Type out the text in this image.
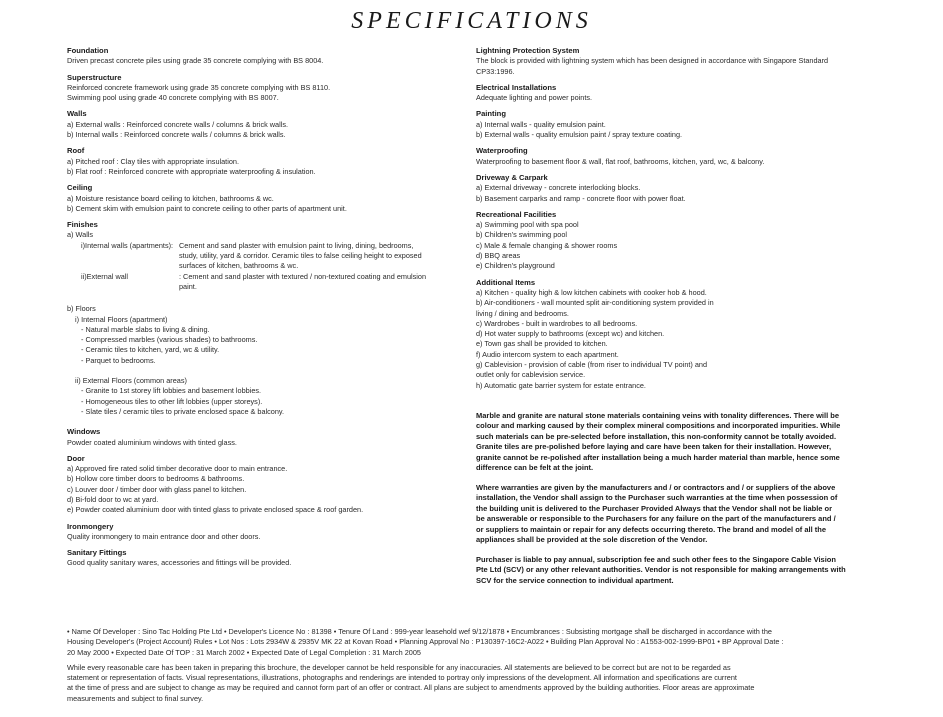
SPECIFICATIONS
Foundation
Driven precast concrete piles using grade 35 concrete complying with BS 8004.
Superstructure
Reinforced concrete framework using grade 35 concrete complying with BS 8110.
Swimming pool using grade 40 concrete complying with BS 8007.
Walls
a) External walls : Reinforced concrete walls / columns & brick walls.
b) Internal walls : Reinforced concrete walls / columns & brick walls.
Roof
a) Pitched roof : Clay tiles with appropriate insulation.
b) Flat roof : Reinforced concrete with appropriate waterproofing & insulation.
Ceiling
a) Moisture resistance board ceiling to kitchen, bathrooms & wc.
b) Cement skim with emulsion paint to concrete ceiling to other parts of apartment unit.
Finishes
a) Walls
i)Internal walls (apartments): Cement and sand plaster with emulsion paint to living, dining, bedrooms,
study, utility, yard & corridor. Ceramic tiles to false ceiling height to exposed
surfaces of kitchen, bathrooms & wc.
ii)External wall	: Cement and sand plaster with textured / non-textured coating and emulsion
paint.
b) Floors
i) Internal Floors (apartment)
- Natural marble slabs to living & dining.
- Compressed marbles (various shades) to bathrooms.
- Ceramic tiles to kitchen, yard, wc & utility.
- Parquet to bedrooms.
ii) External Floors (common areas)
- Granite to 1st storey lift lobbies and basement lobbies.
- Homogeneous tiles to other lift lobbies (upper storeys).
- Slate tiles / ceramic tiles to private enclosed space & balcony.
Windows
Powder coated aluminium windows with tinted glass.
Door
a) Approved fire rated solid timber decorative door to main entrance.
b) Hollow core timber doors to bedrooms & bathrooms.
c) Louver door / timber door with glass panel to kitchen.
d) Bi-fold door to wc at yard.
e) Powder coated aluminium door with tinted glass to private enclosed space & roof garden.
Ironmongery
Quality ironmongery to main entrance door and other doors.
Sanitary Fittings
Good quality sanitary wares, accessories and fittings will be provided.
Lightning Protection System
The block is provided with lightning system which has been designed in accordance with Singapore Standard
CP33:1996.
Electrical Installations
Adequate lighting and power points.
Painting
a) Internal walls - quality emulsion paint.
b) External walls - quality emulsion paint / spray texture coating.
Waterproofing
Waterproofing to basement floor & wall, flat roof, bathrooms, kitchen, yard, wc, & balcony.
Driveway & Carpark
a) External driveway - concrete interlocking blocks.
b) Basement carparks and ramp - concrete floor with power float.
Recreational Facilities
a) Swimming pool with spa pool
b) Children's swimming pool
c) Male & female changing & shower rooms
d) BBQ areas
e) Children's playground
Additional Items
a) Kitchen - quality high & low kitchen cabinets with cooker hob & hood.
b) Air-conditioners - wall mounted split air-conditioning system provided in
living / dining and bedrooms.
c) Wardrobes - built in wardrobes to all bedrooms.
d) Hot water supply to bathrooms (except wc) and kitchen.
e) Town gas shall be provided to kitchen.
f) Audio intercom system to each apartment.
g) Cablevision - provision of cable (from riser to individual TV point) and
outlet only for cablevision service.
h) Automatic gate barrier system for estate entrance.

Marble and granite are natural stone materials containing veins with tonality differences. There will be
colour and marking caused by their complex mineral compositions and incorporated impurities. While
such materials can be pre-selected before installation, this non-conformity cannot be totally avoided.
Granite tiles are pre-polished before laying and care have been taken for their installation. However,
granite cannot be re-polished after installation being a much harder material than marble, hence some
difference can be felt at the joint.

Where warranties are given by the manufacturers and / or contractors and / or suppliers of the above
installation, the Vendor shall assign to the Purchaser such warranties at the time when possession of
the building unit is delivered to the Purchaser Provided Always that the Vendor shall not be liable or
be answerable or responsible to the Purchasers for any failure on the part of the manufacturers and /
or suppliers to maintain or repair for any defects occurring thereto. The brand and model of all the
appliances shall be provided at the sole discretion of the Vendor.

Purchaser is liable to pay annual, subscription fee and such other fees to the Singapore Cable Vision
Pte Ltd (SCV) or any other relevant authorities. Vendor is not responsible for making arrangements with
SCV for the service connection to individual apartment.

• Name Of Developer : Sino Tac Holding Pte Ltd • Developer's Licence No : 81398 • Tenure Of Land : 999-year leasehold wef 9/12/1878 • Encumbrances : Subsisting mortgage shall be discharged in accordance with the
Housing Developer's (Project Account) Rules • Lot Nos : Lots 2934W & 2935V MK 22 at Kovan Road • Planning Approval No : P130397-16C2-A022 • Building Plan Approval No : A1553-002-1999-BP01 • BP Approval Date :
20 May 2000 • Expected Date Of TOP : 31 March 2002 • Expected Date of Legal Completion : 31 March 2005

While every reasonable care has been taken in preparing this brochure, the developer cannot be held responsible for any inaccuracies. All statements are believed to be correct but are not to be regarded as
statement or representation of facts. Visual representations, illustrations, photographs and renderings are intended to portray only impressions of the development. All information and specifications are current
at the time of press and are subject to change as may be required and cannot form part of an offer or contract. All plans are subject to amendments approved by the building authorities. Floor areas are approximate
measurements and subject to final survey.
